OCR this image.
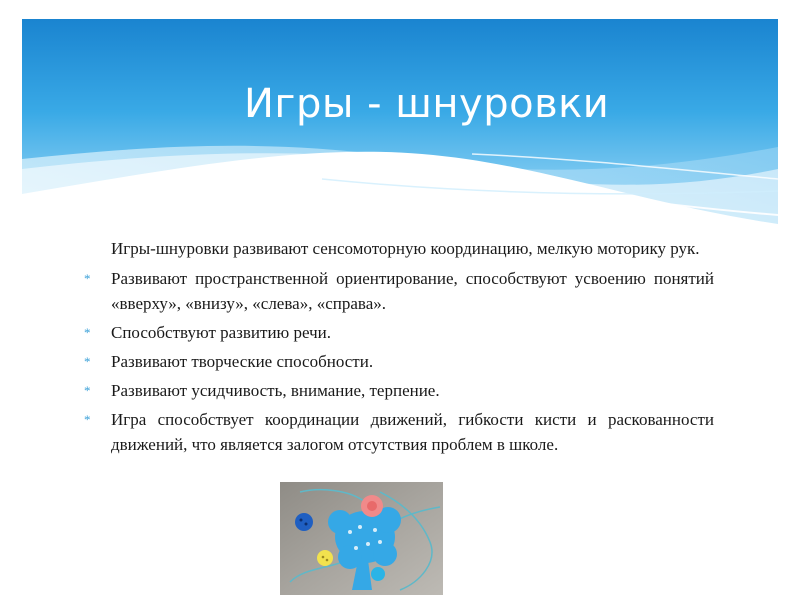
Игры - шнуровки

Игры-шнуровки развивают сенсомоторную координацию, мелкую моторику рук.

* Развивают пространственной ориентирование, способствуют усвоению понятий «вверху», «внизу», «слева», «справа».
* Способствуют развитию речи.
* Развивают творческие способности.
* Развивают усидчивость, внимание, терпение.
* Игра способствует координации движений, гибкости кисти и раскованности движений, что является залогом отсутствия проблем в школе.
